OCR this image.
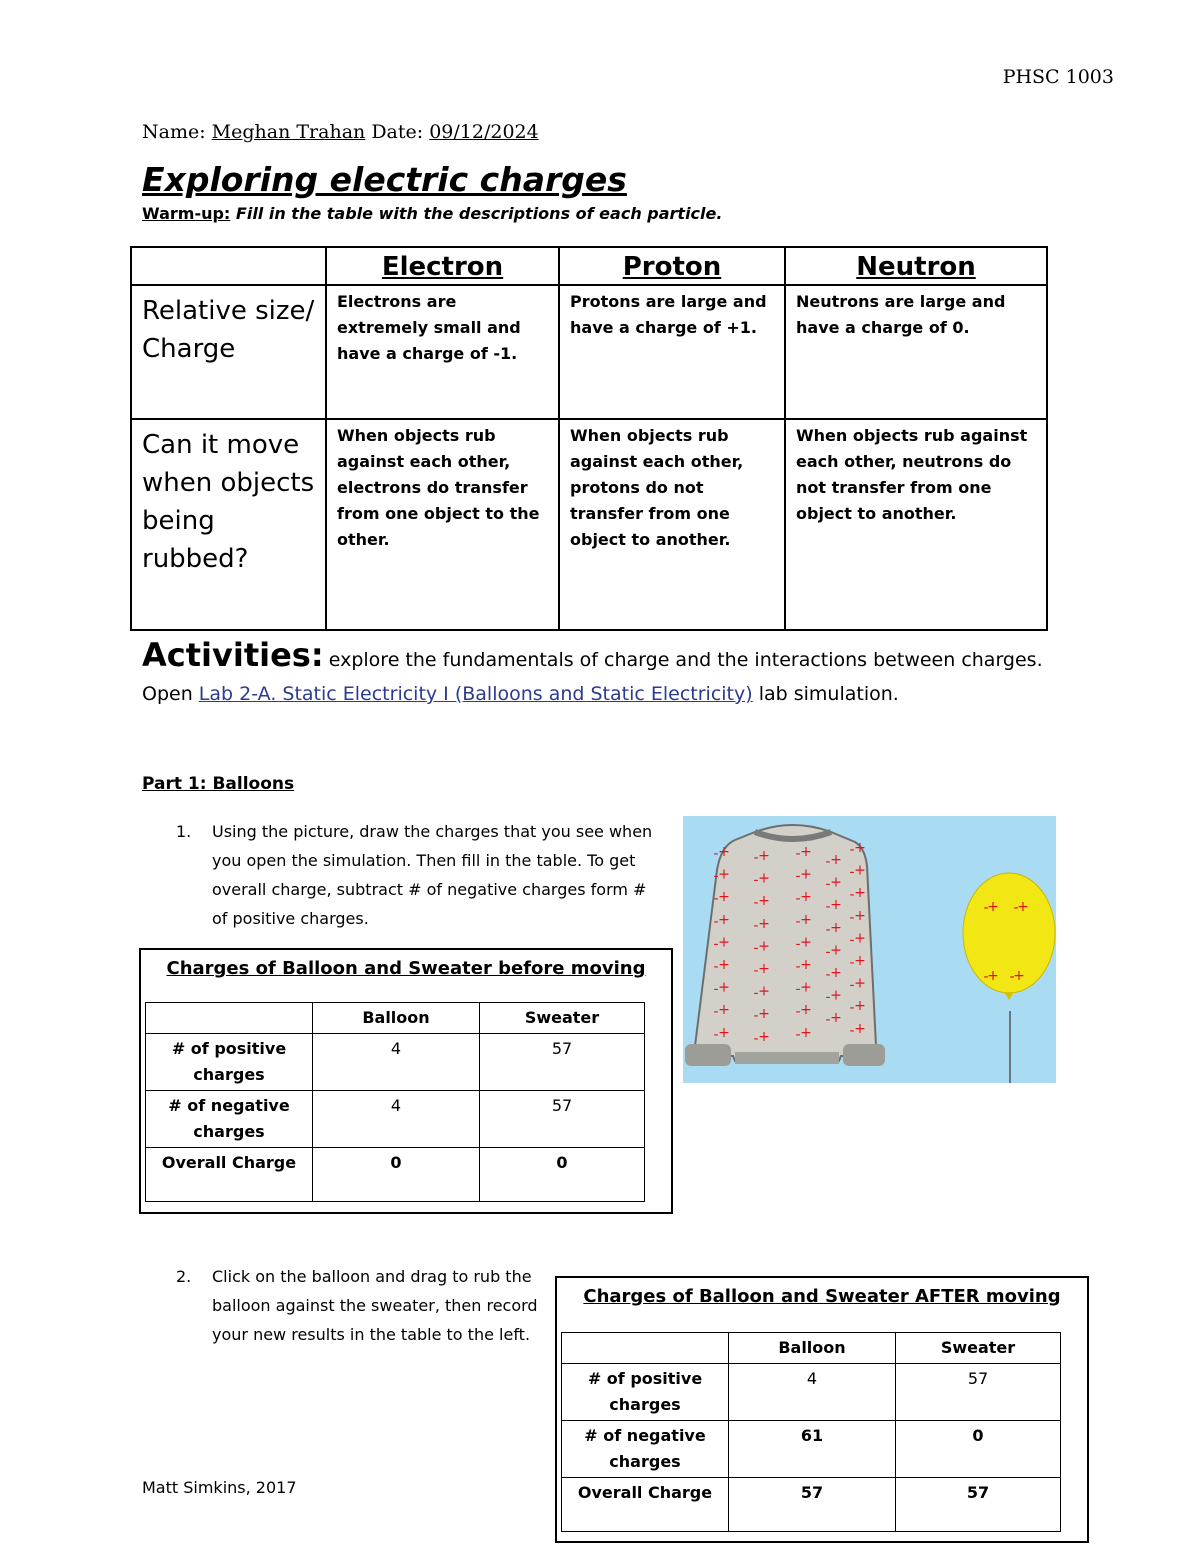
PHSC 1003
Name: Meghan Trahan Date: 09/12/2024
Exploring electric charges
Warm-up: Fill in the table with the descriptions of each particle.
	Electron	Proton	Neutron
Relative size/ Charge	Electrons are extremely small and have a charge of -1.	Protons are large and have a charge of +1.	Neutrons are large and have a charge of 0.
Can it move when objects being rubbed?	When objects rub against each other, electrons do transfer from one object to the other.	When objects rub against each other, protons do not transfer from one object to another.	When objects rub against each other, neutrons do not transfer from one object to another.
Activities: explore the fundamentals of charge and the interactions between charges.
Open Lab 2-A. Static Electricity I (Balloons and Static Electricity) lab simulation.
Part 1: Balloons
1.	Using the picture, draw the charges that you see when you open the simulation. Then fill in the table. To get overall charge, subtract # of negative charges form # of positive charges.
Charges of Balloon and Sweater before moving
	Balloon	Sweater
# of positive charges	4	57
# of negative charges	4	57
Overall Charge	0	0
+
-
+
-
+
-
+
-
+
-
+
-
+
-
+
-
+
-
+
-
+
-
+
-
+
-
+
-
+
-
+
-
+
-
+
-
+
-
+
-
+
-
+
-
+
-
+
-
+
-
+
-
+
-
+
-
+
-
+
-
+
-
+
-
+
-
+
-
+
-
+
-
+
-
+
-
+
-
+
-
+
-
+
-
+
-
+
-
+
- +
-
+
- +
-
2.	Click on the balloon and drag to rub the balloon against the sweater, then record your new results in the table to the left.
Charges of Balloon and Sweater AFTER moving
	Balloon	Sweater
# of positive charges	4	57
# of negative charges	61	0
Overall Charge	57	57
Matt Simkins, 2017
